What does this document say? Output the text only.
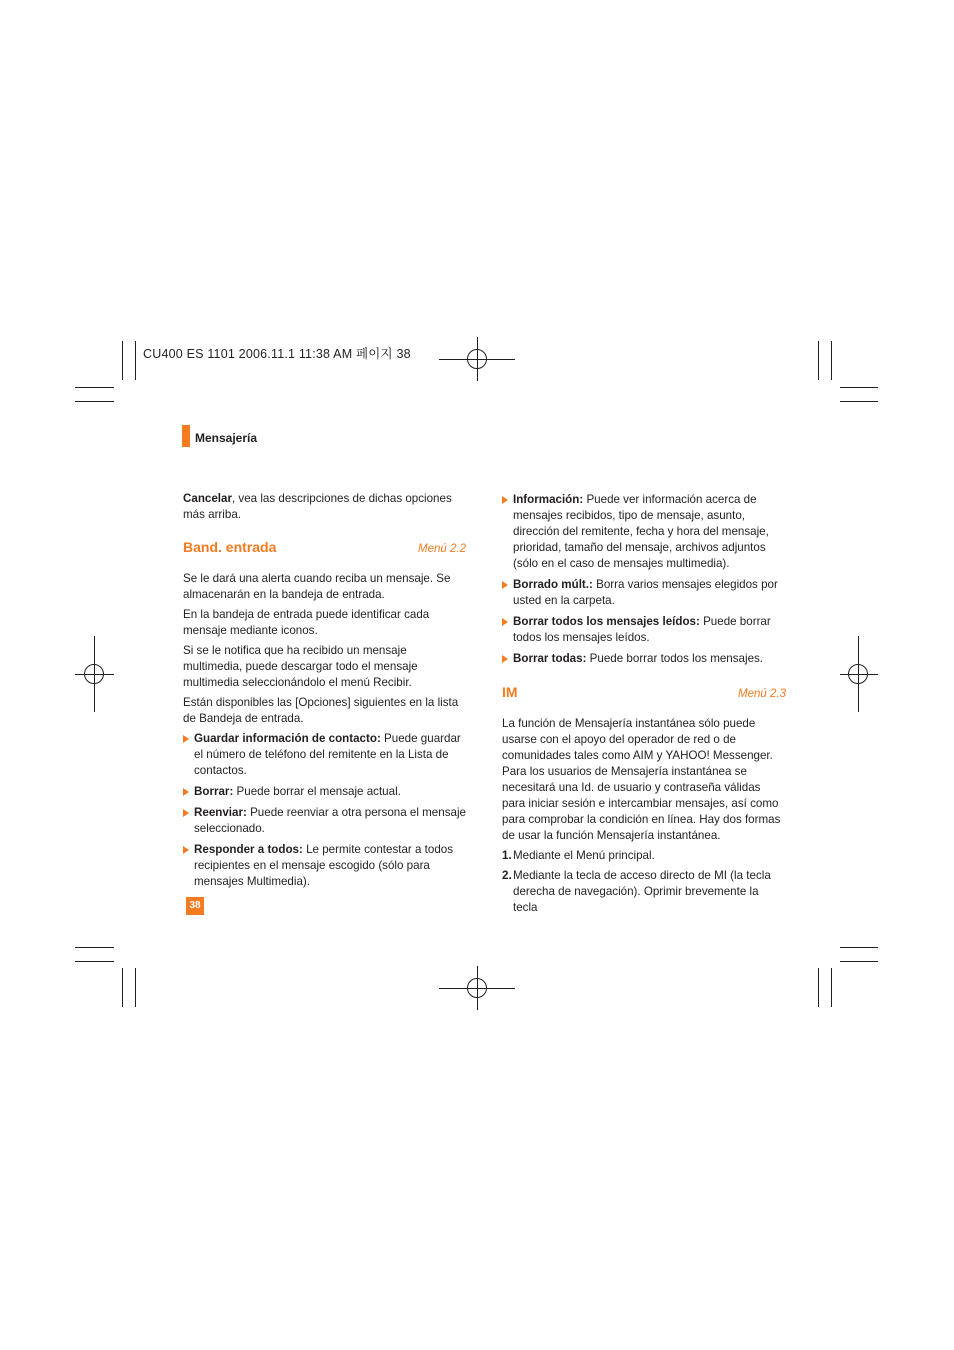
CU400 ES 1101 2006.11.1 11:38 AM 페이지 38
Mensajería

Cancelar, vea las descripciones de dichas opciones más arriba.

Band. entrada	Menú 2.2

Se le dará una alerta cuando reciba un mensaje. Se almacenarán en la bandeja de entrada.

En la bandeja de entrada puede identificar cada mensaje mediante iconos.

Si se le notifica que ha recibido un mensaje multimedia, puede descargar todo el mensaje multimedia seleccionándolo el menú Recibir.

Están disponibles las [Opciones] siguientes en la lista de Bandeja de entrada.

Guardar información de contacto: Puede guardar el número de teléfono del remitente en la Lista de contactos.
Borrar: Puede borrar el mensaje actual.
Reenviar: Puede reenviar a otra persona el mensaje seleccionado.
Responder a todos: Le permite contestar a todos recipientes en el mensaje escogido (sólo para mensajes Multimedia).
Información: Puede ver información acerca de mensajes recibidos, tipo de mensaje, asunto, dirección del remitente, fecha y hora del mensaje, prioridad, tamaño del mensaje, archivos adjuntos (sólo en el caso de mensajes multimedia).
Borrado múlt.: Borra varios mensajes elegidos por usted en la carpeta.
Borrar todos los mensajes leídos: Puede borrar todos los mensajes leídos.
Borrar todas: Puede borrar todos los mensajes.
IM	Menú 2.3

La función de Mensajería instantánea sólo puede usarse con el apoyo del operador de red o de comunidades tales como AIM y YAHOO! Messenger. Para los usuarios de Mensajería instantánea se necesitará una Id. de usuario y contraseña válidas para iniciar sesión e intercambiar mensajes, así como para comprobar la condición en línea. Hay dos formas de usar la función Mensajería instantánea.

1. Mediante el Menú principal.
2. Mediante la tecla de acceso directo de MI (la tecla derecha de navegación). Oprimir brevemente la tecla
38
